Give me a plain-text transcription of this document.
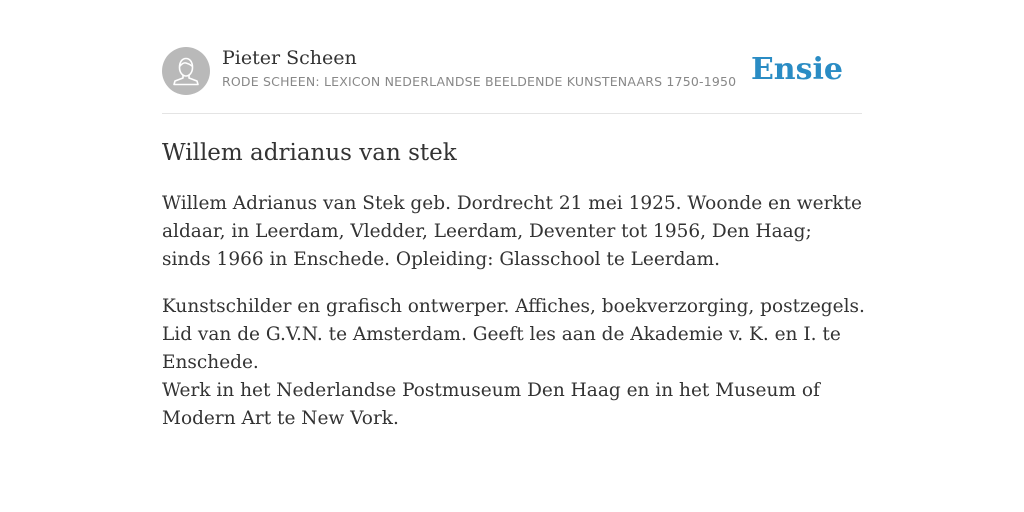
Pieter Scheen
RODE SCHEEN: LEXICON NEDERLANDSE BEELDENDE KUNSTENAARS 1750-1950 Ensie
Willem adrianus van stek

Willem Adrianus van Stek geb. Dordrecht 21 mei 1925. Woonde en werkte aldaar, in Leerdam, Vledder, Leerdam, Deventer tot 1956, Den Haag; sinds 1966 in Enschede. Opleiding: Glasschool te Leerdam.

Kunstschilder en grafisch ontwerper. Affiches, boekverzorging, postzegels. Lid van de G.V.N. te Amsterdam. Geeft les aan de Akademie v. K. en I. te Enschede.

Werk in het Nederlandse Postmuseum Den Haag en in het Museum of Modern Art te New Vork.
